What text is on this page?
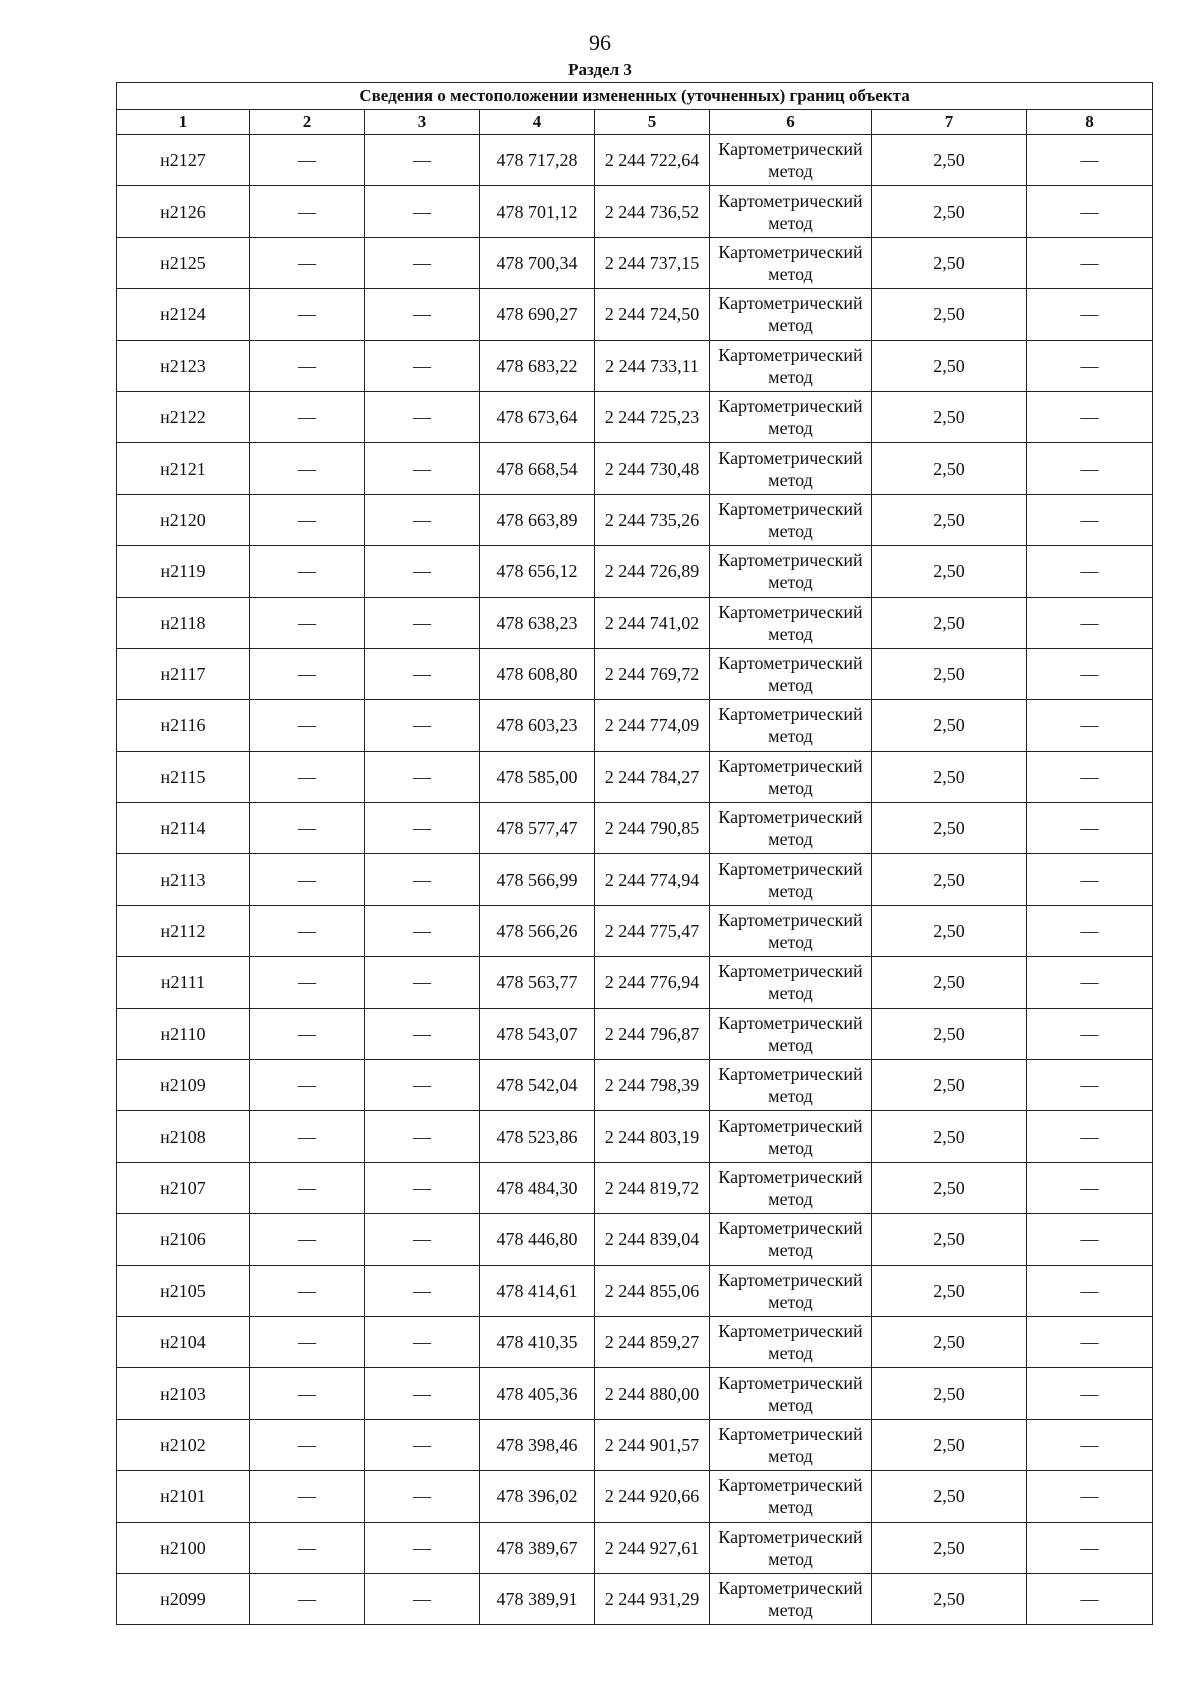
96
Раздел 3
Сведения о местоположении измененных (уточненных) границ объекта							
1	2	3	4	5	6	7	8
н2127	—	—	478 717,28	2 244 722,64	Картометрический метод	2,50	—
н2126	—	—	478 701,12	2 244 736,52	Картометрический метод	2,50	—
н2125	—	—	478 700,34	2 244 737,15	Картометрический метод	2,50	—
н2124	—	—	478 690,27	2 244 724,50	Картометрический метод	2,50	—
н2123	—	—	478 683,22	2 244 733,11	Картометрический метод	2,50	—
н2122	—	—	478 673,64	2 244 725,23	Картометрический метод	2,50	—
н2121	—	—	478 668,54	2 244 730,48	Картометрический метод	2,50	—
н2120	—	—	478 663,89	2 244 735,26	Картометрический метод	2,50	—
н2119	—	—	478 656,12	2 244 726,89	Картометрический метод	2,50	—
н2118	—	—	478 638,23	2 244 741,02	Картометрический метод	2,50	—
н2117	—	—	478 608,80	2 244 769,72	Картометрический метод	2,50	—
н2116	—	—	478 603,23	2 244 774,09	Картометрический метод	2,50	—
н2115	—	—	478 585,00	2 244 784,27	Картометрический метод	2,50	—
н2114	—	—	478 577,47	2 244 790,85	Картометрический метод	2,50	—
н2113	—	—	478 566,99	2 244 774,94	Картометрический метод	2,50	—
н2112	—	—	478 566,26	2 244 775,47	Картометрический метод	2,50	—
н2111	—	—	478 563,77	2 244 776,94	Картометрический метод	2,50	—
н2110	—	—	478 543,07	2 244 796,87	Картометрический метод	2,50	—
н2109	—	—	478 542,04	2 244 798,39	Картометрический метод	2,50	—
н2108	—	—	478 523,86	2 244 803,19	Картометрический метод	2,50	—
н2107	—	—	478 484,30	2 244 819,72	Картометрический метод	2,50	—
н2106	—	—	478 446,80	2 244 839,04	Картометрический метод	2,50	—
н2105	—	—	478 414,61	2 244 855,06	Картометрический метод	2,50	—
н2104	—	—	478 410,35	2 244 859,27	Картометрический метод	2,50	—
н2103	—	—	478 405,36	2 244 880,00	Картометрический метод	2,50	—
н2102	—	—	478 398,46	2 244 901,57	Картометрический метод	2,50	—
н2101	—	—	478 396,02	2 244 920,66	Картометрический метод	2,50	—
н2100	—	—	478 389,67	2 244 927,61	Картометрический метод	2,50	—
н2099	—	—	478 389,91	2 244 931,29	Картометрический метод	2,50	—
